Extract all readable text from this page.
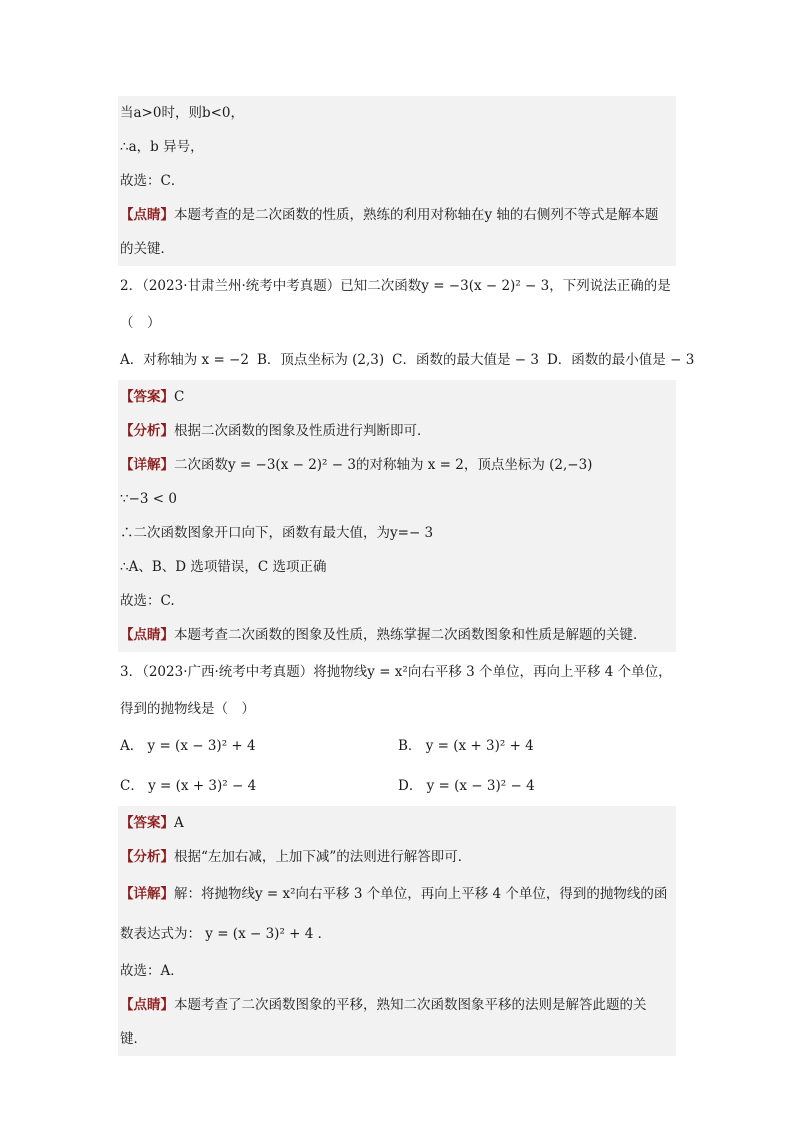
当a>0时，则b<0，
∴a，b 异号，
故选：C．
【点睛】本题考查的是二次函数的性质，熟练的利用对称轴在y 轴的右侧列不等式是解本题
的关键．
2．（2023·甘肃兰州·统考中考真题）已知二次函数y = −3(x − 2)² − 3，下列说法正确的是
（　）
A．对称轴为 x = −2 B．顶点坐标为 (2,3) C．函数的最大值是 − 3 D．函数的最小值是 − 3
【答案】C
【分析】根据二次函数的图象及性质进行判断即可．
【详解】二次函数y = −3(x − 2)² − 3的对称轴为 x = 2，顶点坐标为 (2,−3)
∵−3 < 0
∴二次函数图象开口向下，函数有最大值，为y=− 3
∴A、B、D 选项错误，C 选项正确
故选：C.
【点睛】本题考查二次函数的图象及性质，熟练掌握二次函数图象和性质是解题的关键．
3．（2023·广西·统考中考真题）将抛物线y = x²向右平移 3 个单位，再向上平移 4 个单位，
得到的抛物线是（　）
A． y = (x − 3)² + 4	B． y = (x + 3)² + 4
C． y = (x + 3)² − 4	D． y = (x − 3)² − 4
【答案】A
【分析】根据“左加右减，上加下减”的法则进行解答即可．
【详解】解：将抛物线y = x²向右平移 3 个单位，再向上平移 4 个单位，得到的抛物线的函
数表达式为： y = (x − 3)² + 4 ．
故选：A．
【点睛】本题考查了二次函数图象的平移，熟知二次函数图象平移的法则是解答此题的关
键．
